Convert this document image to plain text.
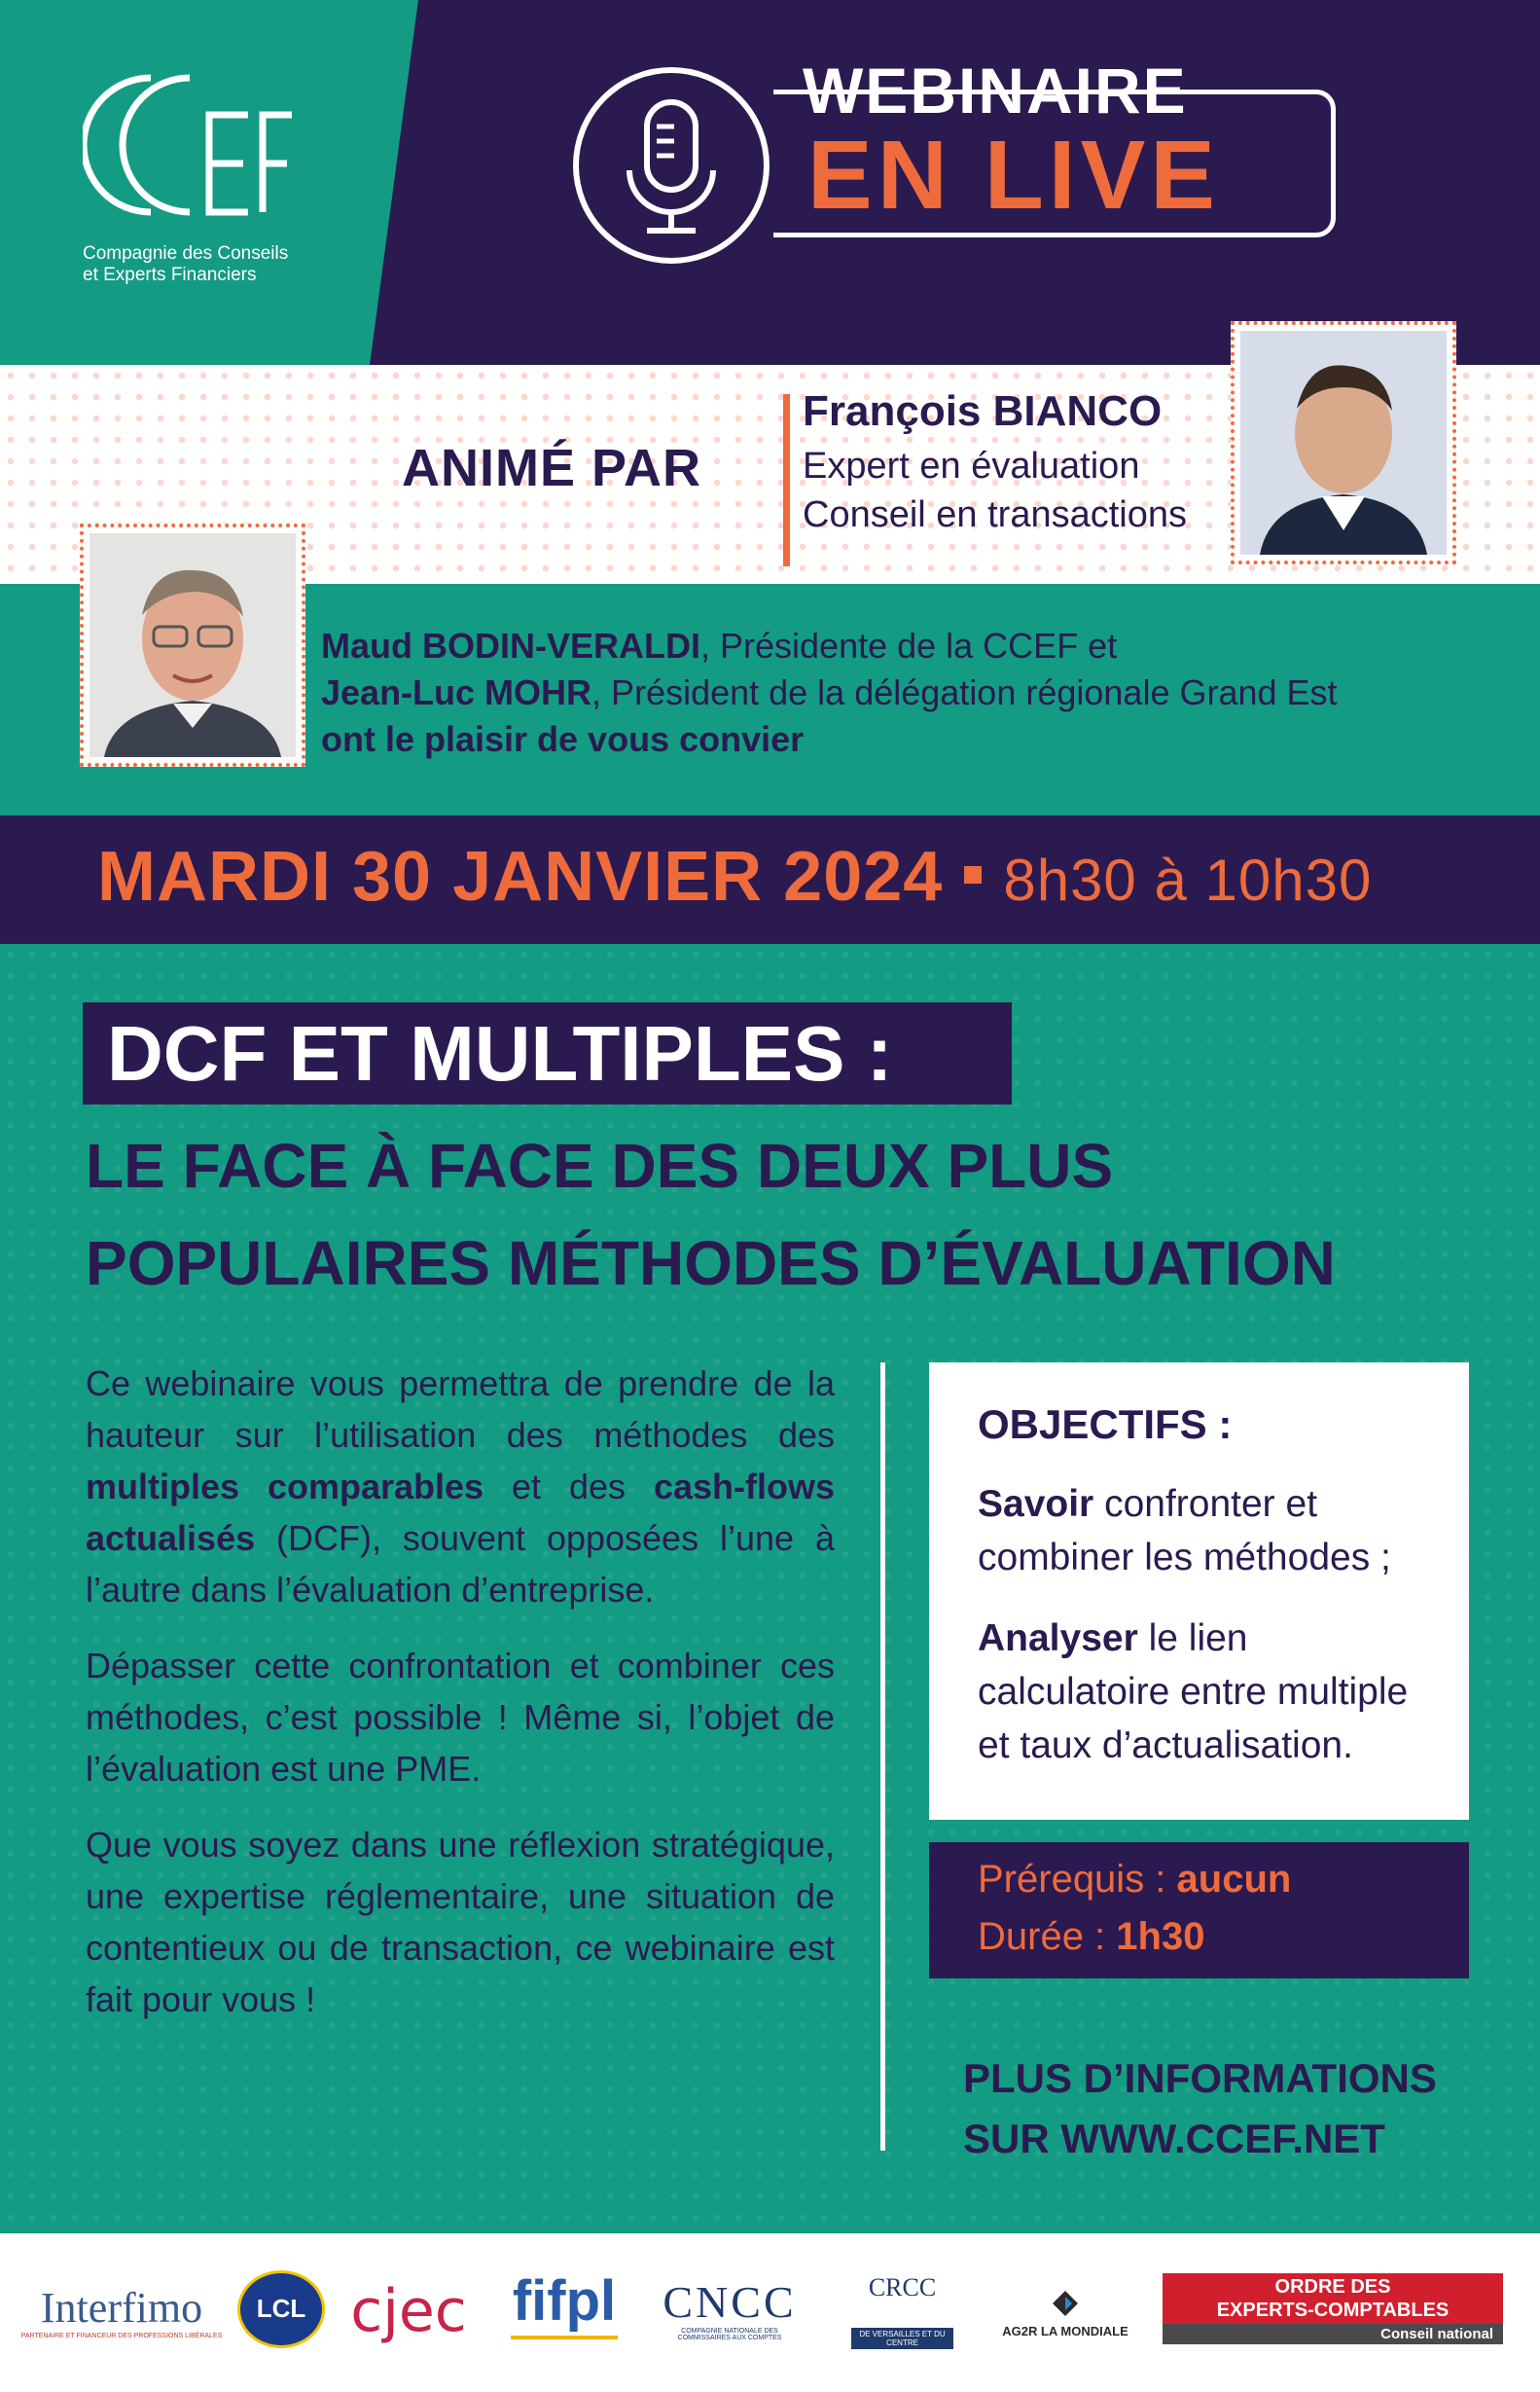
Compagnie des Conseils
et Experts Financiers
WEBINAIRE
EN LIVE
ANIMÉ PAR
François BIANCO
Expert en évaluation
Conseil en transactions
Maud BODIN-VERALDI, Présidente de la CCEF et
Jean-Luc MOHR, Président de la délégation régionale Grand Est
ont le plaisir de vous convier
MARDI 30 JANVIER 2024 8h30 à 10h30
DCF ET MULTIPLES :
LE FACE À FACE DES DEUX PLUS
POPULAIRES MÉTHODES D’ÉVALUATION

Ce webinaire vous permettra de prendre de la hauteur sur l’utilisation des méthodes des multiples comparables et des cash-flows actualisés (DCF), souvent opposées l’une à l’autre dans l’évaluation d’entreprise.

Dépasser cette confrontation et combiner ces méthodes, c’est possible ! Même si, l’objet de l’évaluation est une PME.

Que vous soyez dans une réflexion stratégique, une expertise réglementaire, une situation de contentieux ou de transaction, ce webinaire est fait pour vous !

OBJECTIFS :
Savoir confronter et combiner les méthodes ;
Analyser le lien calculatoire entre multiple et taux d’actualisation.
Prérequis : aucun
Durée : 1h30
PLUS D’INFORMATIONS
SUR WWW.CCEF.NET
Interfimo
PARTENAIRE ET FINANCEUR DES PROFESSIONS LIBÉRALES
LCL cjec fifpl CNCC
COMPAGNIE NATIONALE DES COMMISSAIRES AUX COMPTES
CRCC
DE VERSAILLES ET DU CENTRE
AG2R LA MONDIALE
ORDRE DES
EXPERTS-COMPTABLES
Conseil national
